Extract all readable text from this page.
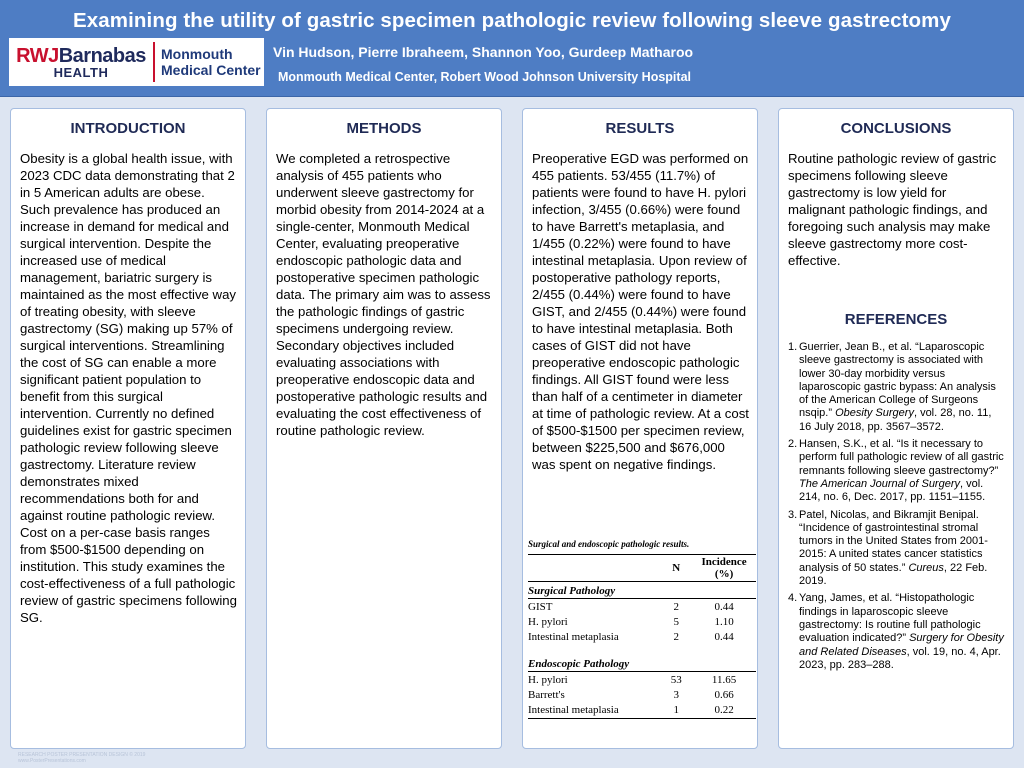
Examining the utility of gastric specimen pathologic review following sleeve gastrectomy
RWJBarnabas
HEALTH
Monmouth
Medical Center
Vin Hudson, Pierre Ibraheem, Shannon Yoo, Gurdeep Matharoo
Monmouth Medical Center, Robert Wood Johnson University Hospital
INTRODUCTION
Obesity is a global health issue, with 2023 CDC data demonstrating that 2 in 5 American adults are obese. Such prevalence has produced an increase in demand for medical and surgical intervention. Despite the increased use of medical management, bariatric surgery is maintained as the most effective way of treating obesity, with sleeve gastrectomy (SG) making up 57% of surgical interventions. Streamlining the cost of SG can enable a more significant patient population to benefit from this surgical intervention. Currently no defined guidelines exist for gastric specimen pathologic review following sleeve gastrectomy. Literature review demonstrates mixed recommendations both for and against routine pathologic review. Cost on a per-case basis ranges from $500-$1500 depending on institution. This study examines the cost-effectiveness of a full pathologic review of gastric specimens following SG.
METHODS
We completed a retrospective analysis of 455 patients who underwent sleeve gastrectomy for morbid obesity from 2014-2024 at a single-center, Monmouth Medical Center, evaluating preoperative endoscopic pathologic data and postoperative specimen pathologic data. The primary aim was to assess the pathologic findings of gastric specimens undergoing review. Secondary objectives included evaluating associations with preoperative endoscopic data and postoperative pathologic results and evaluating the cost effectiveness of routine pathologic review.
RESULTS
Preoperative EGD was performed on 455 patients. 53/455 (11.7%) of patients were found to have H. pylori infection, 3/455 (0.66%) were found to have Barrett's metaplasia, and 1/455 (0.22%) were found to have intestinal metaplasia. Upon review of postoperative pathology reports, 2/455 (0.44%) were found to have GIST, and 2/455 (0.44%) were found to have intestinal metaplasia. Both cases of GIST did not have preoperative endoscopic pathologic findings. All GIST found were less than half of a centimeter in diameter at time of pathologic review. At a cost of $500-$1500 per specimen review, between $225,500 and $676,000 was spent on negative findings.
Surgical and endoscopic pathologic results.
	N	Incidence (%)
Surgical Pathology		
GIST	2	0.44
H. pylori	5	1.10
Intestinal metaplasia	2	0.44

Endoscopic Pathology		
H. pylori	53	11.65
Barrett's	3	0.66
Intestinal metaplasia	1	0.22
CONCLUSIONS
Routine pathologic review of gastric specimens following sleeve gastrectomy is low yield for malignant pathologic findings, and foregoing such analysis may make sleeve gastrectomy more cost-effective.
REFERENCES
1. Guerrier, Jean B., et al. “Laparoscopic sleeve gastrectomy is associated with lower 30-day morbidity versus laparoscopic gastric bypass: An analysis of the American College of Surgeons nsqip.” Obesity Surgery, vol. 28, no. 11, 16 July 2018, pp. 3567–3572.
2. Hansen, S.K., et al. “Is it necessary to perform full pathologic review of all gastric remnants following sleeve gastrectomy?” The American Journal of Surgery, vol. 214, no. 6, Dec. 2017, pp. 1151–1155.
3. Patel, Nicolas, and Bikramjit Benipal. “Incidence of gastrointestinal stromal tumors in the United States from 2001-2015: A united states cancer statistics analysis of 50 states.” Cureus, 22 Feb. 2019.
4. Yang, James, et al. “Histopathologic findings in laparoscopic sleeve gastrectomy: Is routine full pathologic evaluation indicated?” Surgery for Obesity and Related Diseases, vol. 19, no. 4, Apr. 2023, pp. 283–288.
RESEARCH POSTER PRESENTATION DESIGN © 2019
www.PosterPresentations.com
